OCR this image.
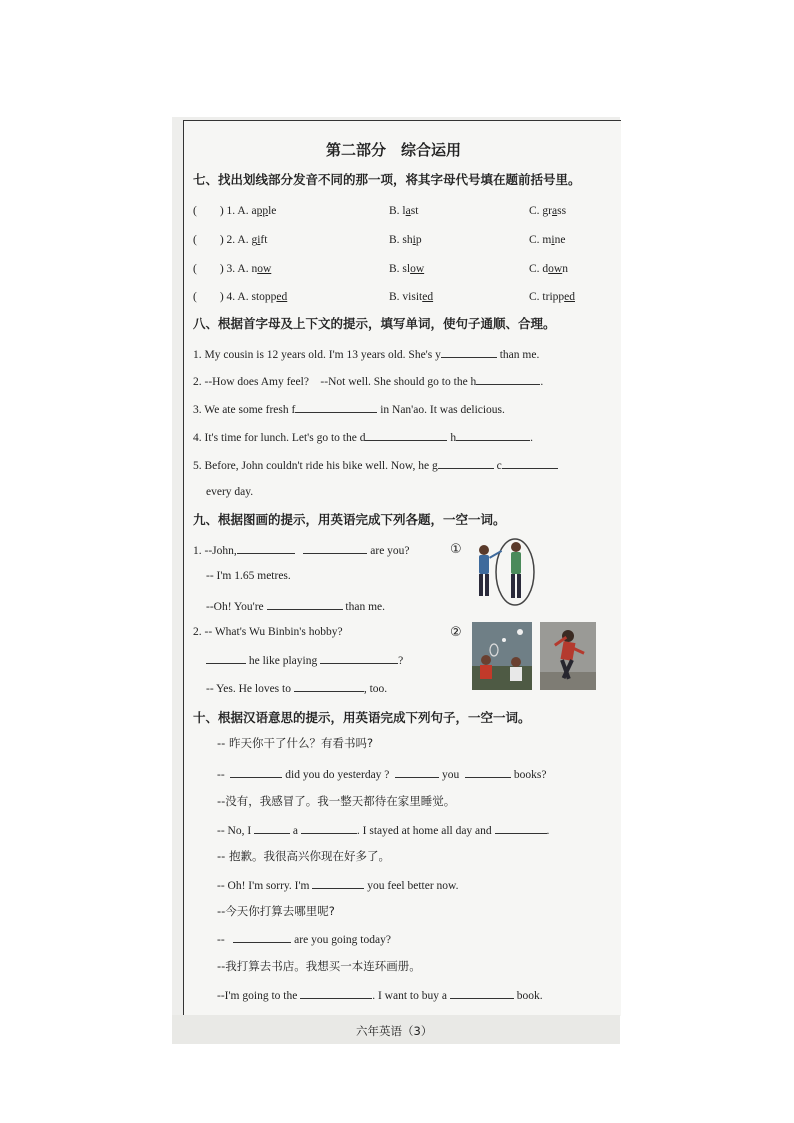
第二部分　综合运用
七、找出划线部分发音不同的那一项，将其字母代号填在题前括号里。
(　　) 1. A. apple	B. last	C. grass
(　　) 2. A. gift	B. ship	C. mine
(　　) 3. A. now	B. slow	C. down
(　　) 4. A. stopped	B. visited	C. tripped
八、根据首字母及上下文的提示，填写单词，使句子通顺、合理。
1. My cousin is 12 years old. I'm 13 years old. She's y	than me.
2. --How does Amy feel?　--Not well. She should go to the h	.
3. We ate some fresh f	in Nan'ao. It was delicious.
4. It's time for lunch. Let's go to the d	h	.
5. Before, John couldn't ride his bike well. Now, he g	c
every day.
九、根据图画的提示，用英语完成下列各题，一空一词。
1. --John,	are you?	①
-- I'm 1.65 metres.
--Oh! You're	than me.
2. -- What's Wu Binbin's hobby?	②
he like playing	?
-- Yes. He loves to	, too.
十、根据汉语意思的提示，用英语完成下列句子，一空一词。
-- 昨天你干了什么？有看书吗?
--	did you do yesterday ?	you	books?
--没有，我感冒了。我一整天都待在家里睡觉。
-- No, I	a	. I stayed at home all day and	.
-- 抱歉。我很高兴你现在好多了。
-- Oh! I'm sorry. I'm	you feel better now.
--今天你打算去哪里呢?
--	are you going today?
--我打算去书店。我想买一本连环画册。
--I'm going to the	. I want to buy a	book.
六年英语（3）
